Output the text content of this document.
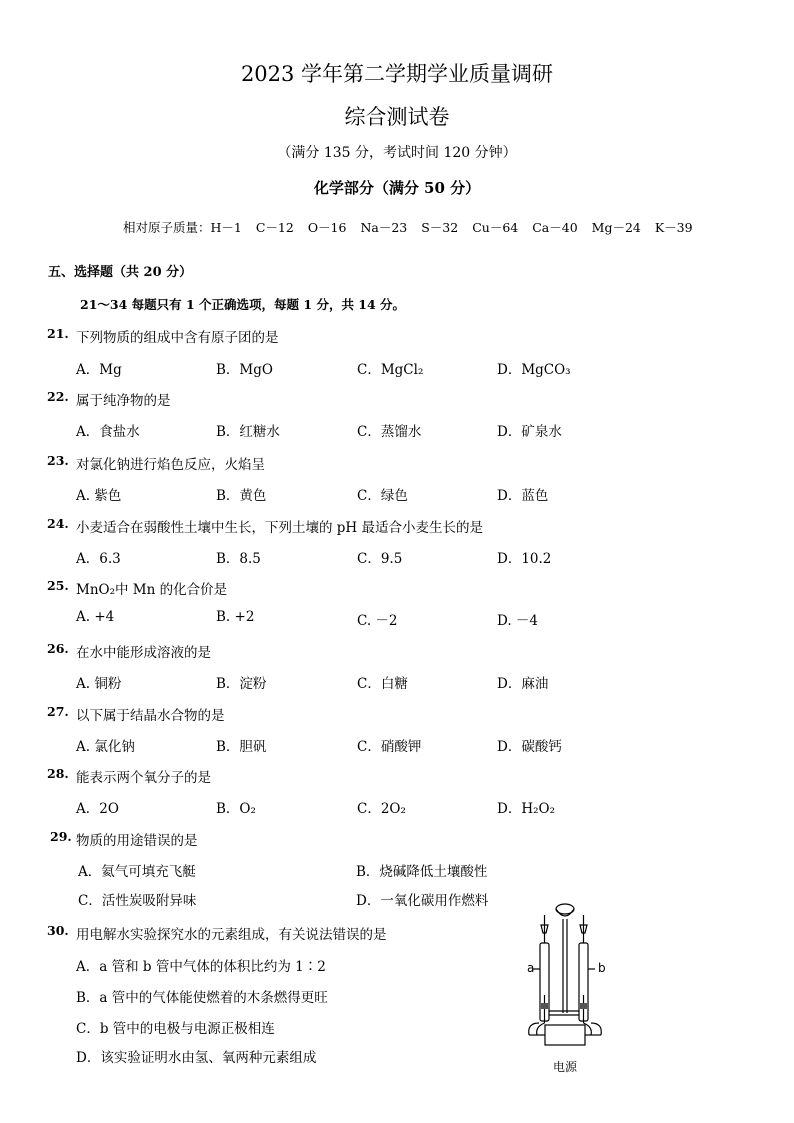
2023 学年第二学期学业质量调研
综合测试卷
（满分 135 分，考试时间 120 分钟）
化学部分（满分 50 分）
相对原子质量：H－1 C－12 O－16 Na－23 S－32 Cu－64 Ca－40 Mg－24 K－39
五、选择题（共 20 分）
21～34 每题只有 1 个正确选项，每题 1 分，共 14 分。
21. 下列物质的组成中含有原子团的是
A．Mg	B．MgO	C．MgCl₂	D．MgCO₃
22. 属于纯净物的是
A．食盐水	B．红糖水	C．蒸馏水	D．矿泉水
23. 对氯化钠进行焰色反应，火焰呈
A. 紫色	B．黄色	C．绿色	D．蓝色
24. 小麦适合在弱酸性土壤中生长，下列土壤的 pH 最适合小麦生长的是
A．6.3	B．8.5	C．9.5	D．10.2
25. MnO₂中 Mn 的化合价是
A. +4	B. +2	C. －2	D. －4
26. 在水中能形成溶液的是
A. 铜粉	B．淀粉	C．白糖	D．麻油
27. 以下属于结晶水合物的是
A. 氯化钠	B．胆矾	C．硝酸钾	D．碳酸钙
28. 能表示两个氧分子的是
A．2O	B．O₂	C．2O₂	D．H₂O₂
29. 物质的用途错误的是
A．氦气可填充飞艇	B．烧碱降低土壤酸性
C．活性炭吸附异味	D．一氧化碳用作燃料
30. 用电解水实验探究水的元素组成，有关说法错误的是
A．a 管和 b 管中气体的体积比约为 1∶2
B．a 管中的气体能使燃着的木条燃得更旺
C．b 管中的电极与电源正极相连
D．该实验证明水由氢、氧两种元素组成
a	b
电源
